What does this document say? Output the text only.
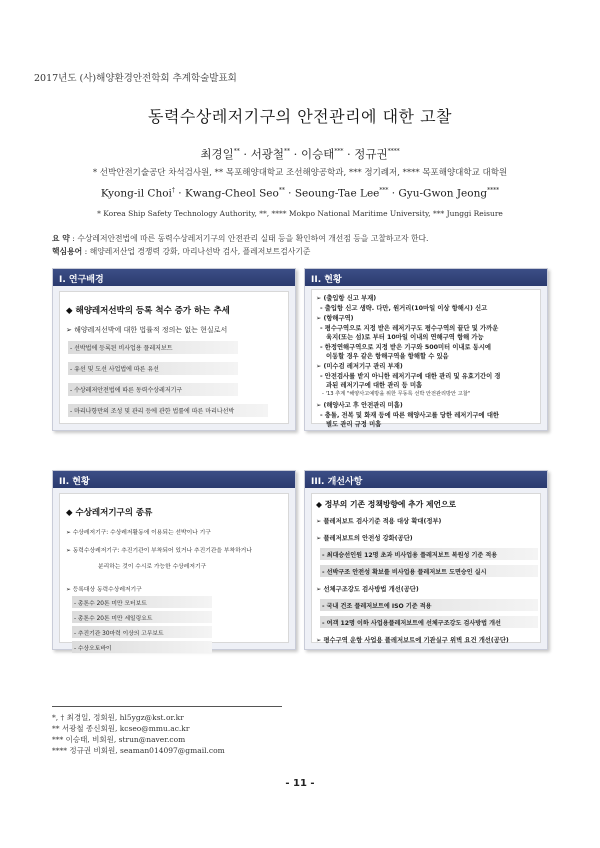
2017년도 (사)해양환경안전학회 추계학술발표회
동력수상레저기구의 안전관리에 대한 고찰
최경일** · 서광철** · 이승태*** · 정규권****
* 선박안전기술공단 차석검사원, ** 목포해양대학교 조선해양공학과, *** 정기례저, **** 목포해양대학교 대학원
Kyong-il Choi† · Kwang-Cheol Seo** · Seoung-Tae Lee*** · Gyu-Gwon Jeong****
* Korea Ship Safety Technology Authority, **, **** Mokpo National Maritime University, *** Junggi Reisure
요 약 : 수상레저안전법에 따른 동력수상레저기구의 안전관리 실태 등을 확인하여 개선점 등을 고찰하고자 한다.
핵심용어 : 해양레저산업 경쟁력 강화, 마리나선박 검사, 플레저보트검사기준
I. 연구배경
◆ 해양레저선박의 등록 척수 증가 하는 추세
➢ 해양레저선박에 대한 법률적 정의는 없는 현실로서
- 선박법에 등록된 비사업용 플레저보트
- 유선 및 도선 사업법에 따른 유선
- 수상레저안전법에 따른 동력수상레저기구
- 마리나항만의 조성 및 관리 등에 관한 법률에 따른 마리나선박
II. 현황
➢ (출입항 신고 부재)
- 출입항 신고 생략. 다만, 원거리(10마일 이상 항해시) 신고
➢ (항해구역)
- 평수구역으로 지정 받은 레저기구도 평수구역의 끝단 및 가까운
육지(또는 섬)로 부터 10마일 이내의 연해구역 항해 가능
- 한정연해구역으로 지정 받은 기구와 500미터 이내로 동시에
이동할 경우 같은 항해구역을 항해할 수 있음
➢ (미수검 레저기구 관리 부재)
- 안전검사를 받지 아니한 레저기구에 대한 관리 및 유효기간이 경
과된 레저기구에 대한 관리 등 미흡
- '13 추계 "해양사고예방을 위한 무동록 선박 안전관리방안 고찰"
➢ (해양사고 후 안전관리 미흡)
- 충돌, 전복 및 화재 등에 따른 해양사고를 당한 레저기구에 대한
별도 관리 규정 미흡
II. 현황
◆ 수상레저기구의 종류
➢ 수상레저기구: 수상레저활동에 이용되는 선박이나 기구
➢ 동력수상레저기구: 추진기관이 부착되어 있거나 추진기관을 부착하거나
분리하는 것이 수시로 가능한 수상레저기구
➢ 등록대상 동력수상레저기구
- 총톤수 20톤 미만 모터보트
- 총톤수 20톤 미만 세일링요트
- 추진기관 30마력 이상의 고무보트
- 수상오토바이
III. 개선사항
◆ 정부의 기존 정책방향에 추가 제언으로
➢ 플레저보트 검사기준 적용 대상 확대(정부)
➢ 플레저보트의 안전성 강화(공단)
- 최대승선인원 12명 초과 비사업용 플레저보트 복원성 기준 적용
- 선박구조 안전성 확보를 비사업용 플레저보트 도면승인 실시
➢ 선체구조강도 검사방법 개선(공단)
- 국내 건조 플레저보트에 ISO 기준 적용
- 여객 12명 이하 사업용플레저보트에 선체구조강도 검사방법 개선
➢ 평수구역 운항 사업용 플레저보트에 기관실구 위벽 요건 개선(공단)
*, † 최경일, 정회원, hl5ygz@kst.or.kr
** 서광철 종신회원, kcseo@mmu.ac.kr
*** 이승태, 비회원, strun@naver.com
**** 정규권 비회원, seaman014097@gmail.com
- 11 -
